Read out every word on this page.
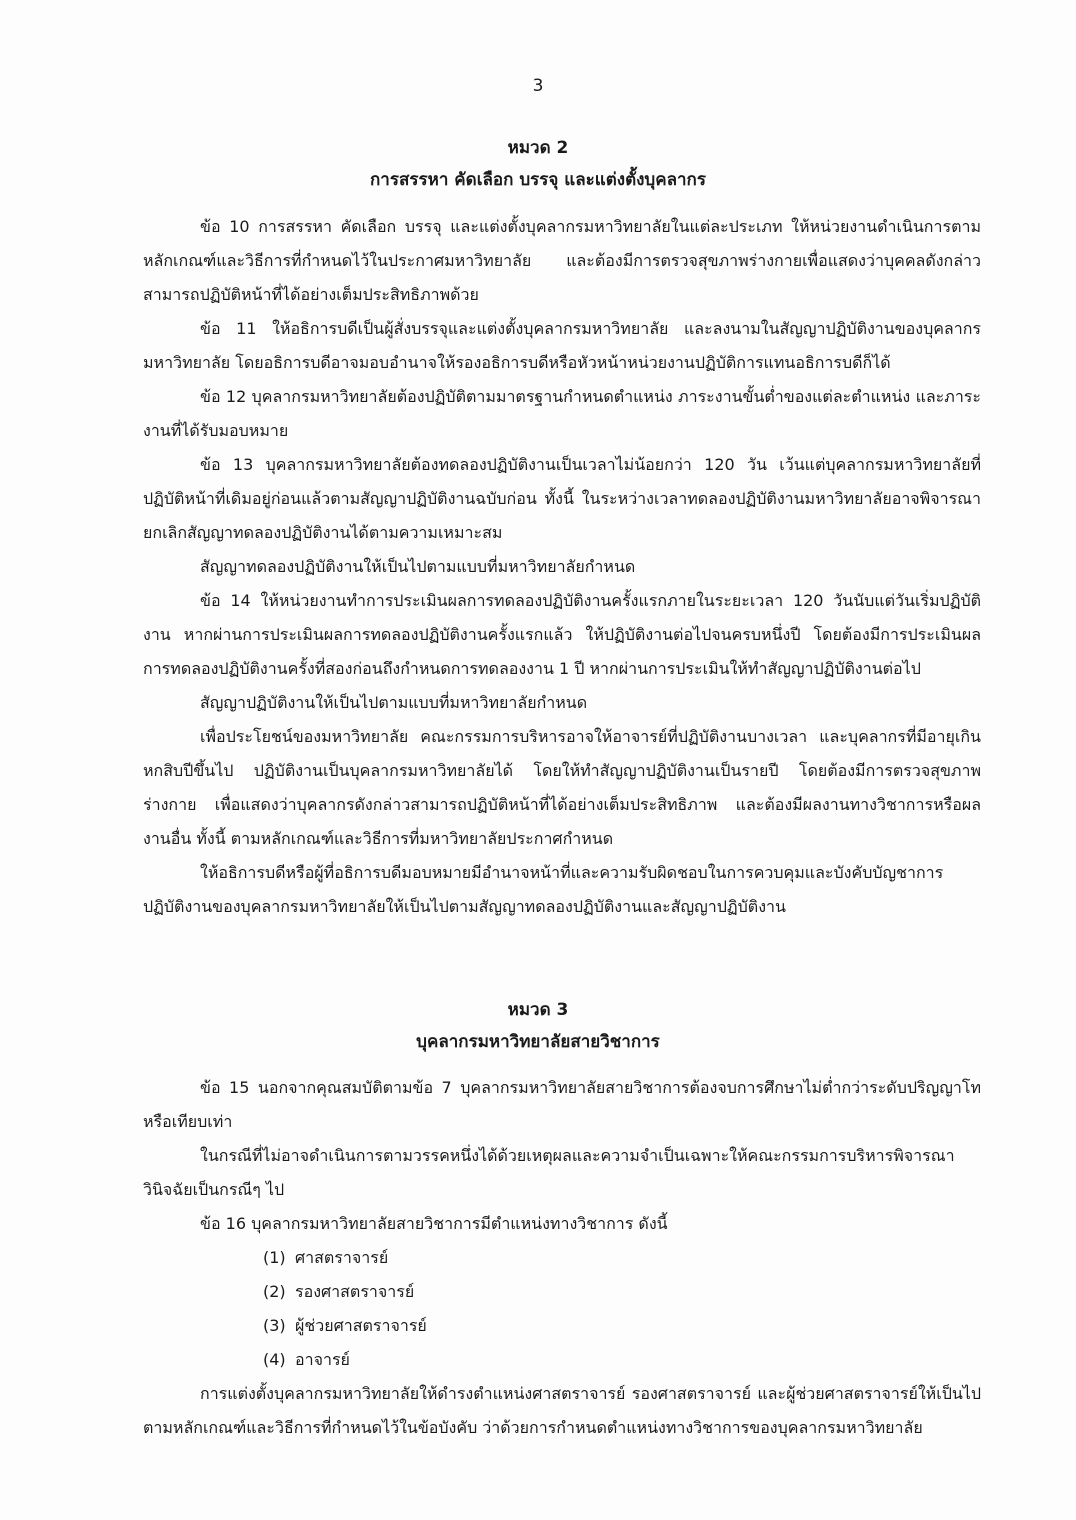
3
หมวด 2
การสรรหา คัดเลือก บรรจุ และแต่งตั้งบุคลากร

ข้อ 10 การสรรหา คัดเลือก บรรจุ และแต่งตั้งบุคลากรมหาวิทยาลัยในแต่ละประเภท ให้หน่วยงานดำเนินการตามหลักเกณฑ์และวิธีการที่กำหนดไว้ในประกาศมหาวิทยาลัย และต้องมีการตรวจสุขภาพร่างกายเพื่อแสดงว่าบุคคลดังกล่าวสามารถปฏิบัติหน้าที่ได้อย่างเต็มประสิทธิภาพด้วย

ข้อ 11 ให้อธิการบดีเป็นผู้สั่งบรรจุและแต่งตั้งบุคลากรมหาวิทยาลัย และลงนามในสัญญาปฏิบัติงานของบุคลากรมหาวิทยาลัย โดยอธิการบดีอาจมอบอำนาจให้รองอธิการบดีหรือหัวหน้าหน่วยงานปฏิบัติการแทนอธิการบดีก็ได้

ข้อ 12 บุคลากรมหาวิทยาลัยต้องปฏิบัติตามมาตรฐานกำหนดตำแหน่ง ภาระงานขั้นต่ำของแต่ละตำแหน่ง และภาระงานที่ได้รับมอบหมาย

ข้อ 13 บุคลากรมหาวิทยาลัยต้องทดลองปฏิบัติงานเป็นเวลาไม่น้อยกว่า 120 วัน เว้นแต่บุคลากรมหาวิทยาลัยที่ปฏิบัติหน้าที่เดิมอยู่ก่อนแล้วตามสัญญาปฏิบัติงานฉบับก่อน ทั้งนี้ ในระหว่างเวลาทดลองปฏิบัติงานมหาวิทยาลัยอาจพิจารณายกเลิกสัญญาทดลองปฏิบัติงานได้ตามความเหมาะสม

สัญญาทดลองปฏิบัติงานให้เป็นไปตามแบบที่มหาวิทยาลัยกำหนด

ข้อ 14 ให้หน่วยงานทำการประเมินผลการทดลองปฏิบัติงานครั้งแรกภายในระยะเวลา 120 วันนับแต่วันเริ่มปฏิบัติงาน หากผ่านการประเมินผลการทดลองปฏิบัติงานครั้งแรกแล้ว ให้ปฏิบัติงานต่อไปจนครบหนึ่งปี โดยต้องมีการประเมินผลการทดลองปฏิบัติงานครั้งที่สองก่อนถึงกำหนดการทดลองงาน 1 ปี หากผ่านการประเมินให้ทำสัญญาปฏิบัติงานต่อไป

สัญญาปฏิบัติงานให้เป็นไปตามแบบที่มหาวิทยาลัยกำหนด

เพื่อประโยชน์ของมหาวิทยาลัย คณะกรรมการบริหารอาจให้อาจารย์ที่ปฏิบัติงานบางเวลา และบุคลากรที่มีอายุเกินหกสิบปีขึ้นไป ปฏิบัติงานเป็นบุคลากรมหาวิทยาลัยได้ โดยให้ทำสัญญาปฏิบัติงานเป็นรายปี โดยต้องมีการตรวจสุขภาพร่างกาย เพื่อแสดงว่าบุคลากรดังกล่าวสามารถปฏิบัติหน้าที่ได้อย่างเต็มประสิทธิภาพ และต้องมีผลงานทางวิชาการหรือผลงานอื่น ทั้งนี้ ตามหลักเกณฑ์และวิธีการที่มหาวิทยาลัยประกาศกำหนด

ให้อธิการบดีหรือผู้ที่อธิการบดีมอบหมายมีอำนาจหน้าที่และความรับผิดชอบในการควบคุมและบังคับบัญชาการปฏิบัติงานของบุคลากรมหาวิทยาลัยให้เป็นไปตามสัญญาทดลองปฏิบัติงานและสัญญาปฏิบัติงาน

หมวด 3
บุคลากรมหาวิทยาลัยสายวิชาการ

ข้อ 15 นอกจากคุณสมบัติตามข้อ 7 บุคลากรมหาวิทยาลัยสายวิชาการต้องจบการศึกษาไม่ต่ำกว่าระดับปริญญาโทหรือเทียบเท่า

ในกรณีที่ไม่อาจดำเนินการตามวรรคหนึ่งได้ด้วยเหตุผลและความจำเป็นเฉพาะให้คณะกรรมการบริหารพิจารณาวินิจฉัยเป็นกรณีๆ ไป

ข้อ 16 บุคลากรมหาวิทยาลัยสายวิชาการมีตำแหน่งทางวิชาการ ดังนี้

(1) ศาสตราจารย์

(2) รองศาสตราจารย์

(3) ผู้ช่วยศาสตราจารย์

(4) อาจารย์

การแต่งตั้งบุคลากรมหาวิทยาลัยให้ดำรงตำแหน่งศาสตราจารย์ รองศาสตราจารย์ และผู้ช่วยศาสตราจารย์ให้เป็นไปตามหลักเกณฑ์และวิธีการที่กำหนดไว้ในข้อบังคับ ว่าด้วยการกำหนดตำแหน่งทางวิชาการของบุคลากรมหาวิทยาลัย
